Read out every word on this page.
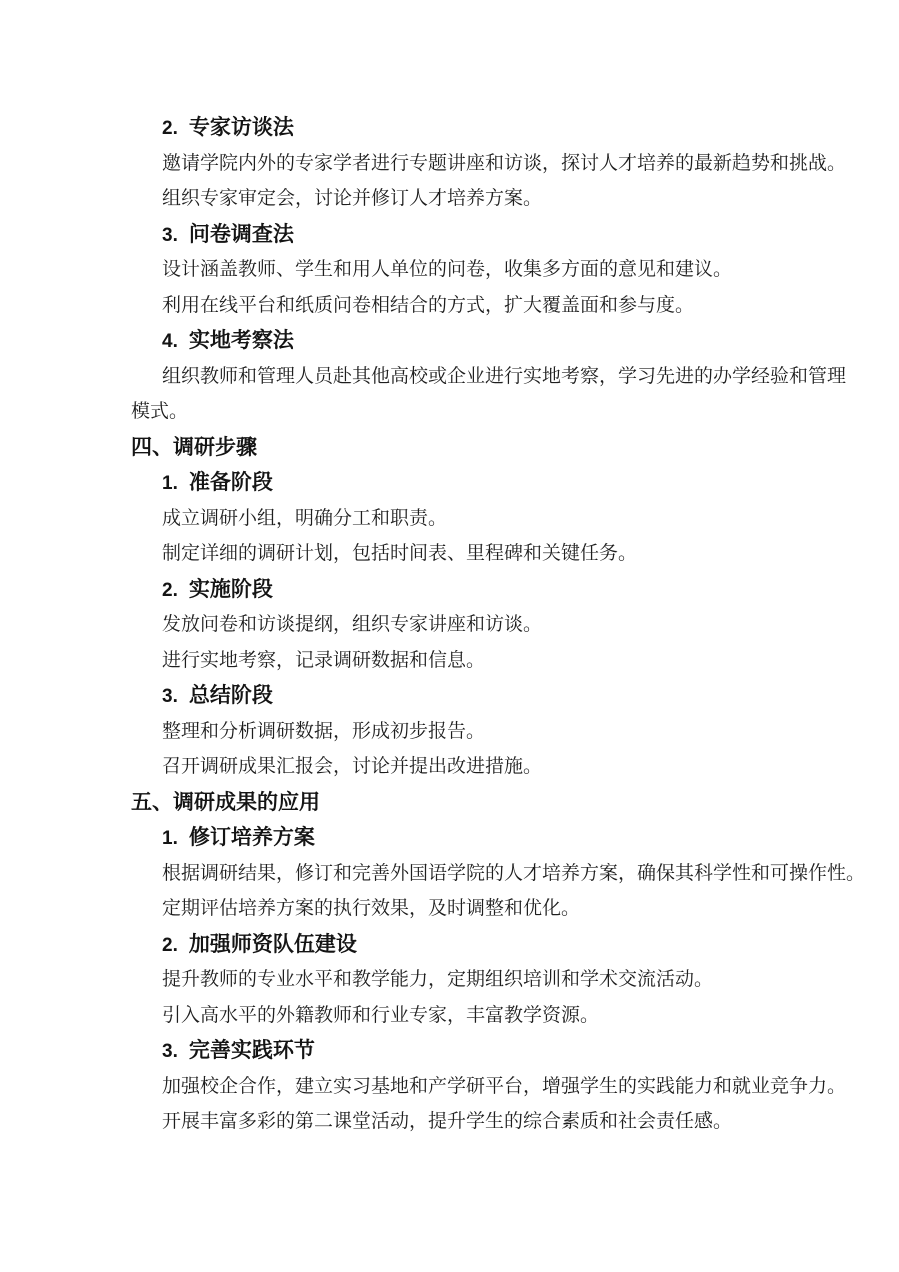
2. 专家访谈法
邀请学院内外的专家学者进行专题讲座和访谈，探讨人才培养的最新趋势和挑战。
组织专家审定会，讨论并修订人才培养方案。
3. 问卷调查法
设计涵盖教师、学生和用人单位的问卷，收集多方面的意见和建议。
利用在线平台和纸质问卷相结合的方式，扩大覆盖面和参与度。
4. 实地考察法
组织教师和管理人员赴其他高校或企业进行实地考察，学习先进的办学经验和管理
模式。
四、调研步骤
1. 准备阶段
成立调研小组，明确分工和职责。
制定详细的调研计划，包括时间表、里程碑和关键任务。
2. 实施阶段
发放问卷和访谈提纲，组织专家讲座和访谈。
进行实地考察，记录调研数据和信息。
3. 总结阶段
整理和分析调研数据，形成初步报告。
召开调研成果汇报会，讨论并提出改进措施。
五、调研成果的应用
1. 修订培养方案
根据调研结果，修订和完善外国语学院的人才培养方案，确保其科学性和可操作性。
定期评估培养方案的执行效果，及时调整和优化。
2. 加强师资队伍建设
提升教师的专业水平和教学能力，定期组织培训和学术交流活动。
引入高水平的外籍教师和行业专家，丰富教学资源。
3. 完善实践环节
加强校企合作，建立实习基地和产学研平台，增强学生的实践能力和就业竞争力。
开展丰富多彩的第二课堂活动，提升学生的综合素质和社会责任感。
